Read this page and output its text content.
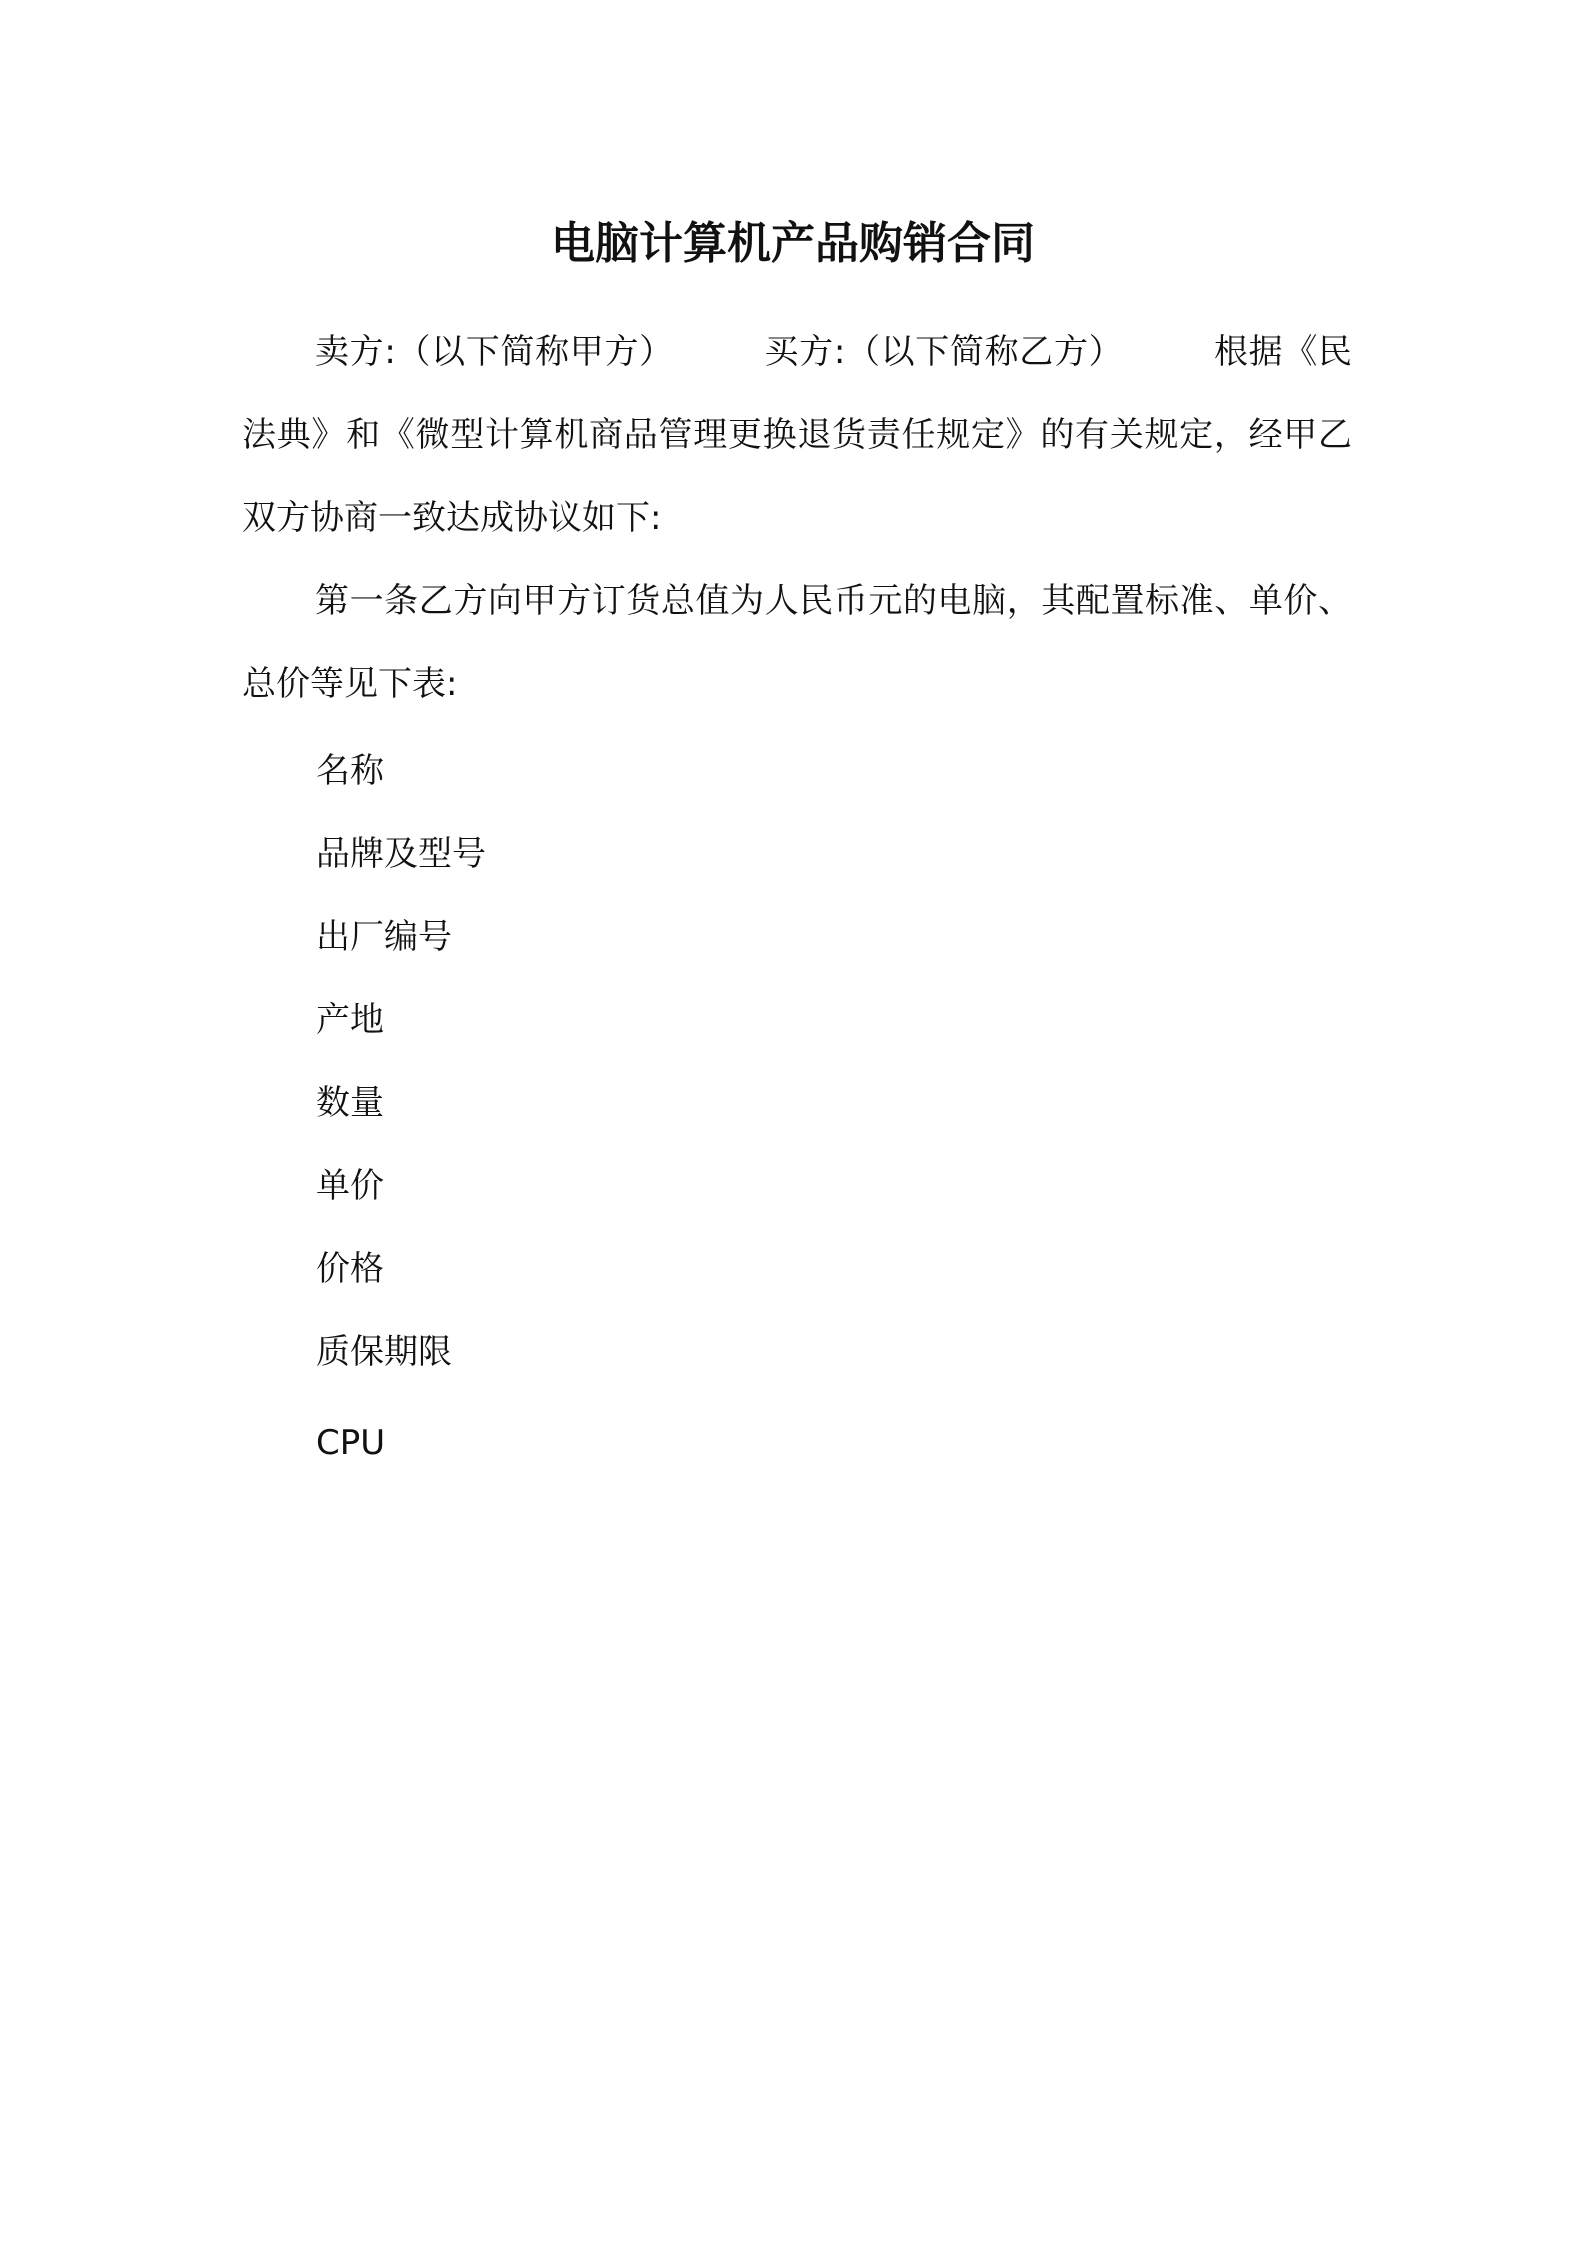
电脑计算机产品购销合同
卖方:（以下简称甲方）	买方:（以下简称乙方）	根据《民法典》和《微型计算机商品管理更换退货责任规定》的有关规定，经甲乙双方协商一致达成协议如下:
第一条乙方向甲方订货总值为人民币元的电脑，其配置标准、单价、总价等见下表:
名称
品牌及型号
出厂编号
产地
数量
单价
价格
质保期限
CPU
